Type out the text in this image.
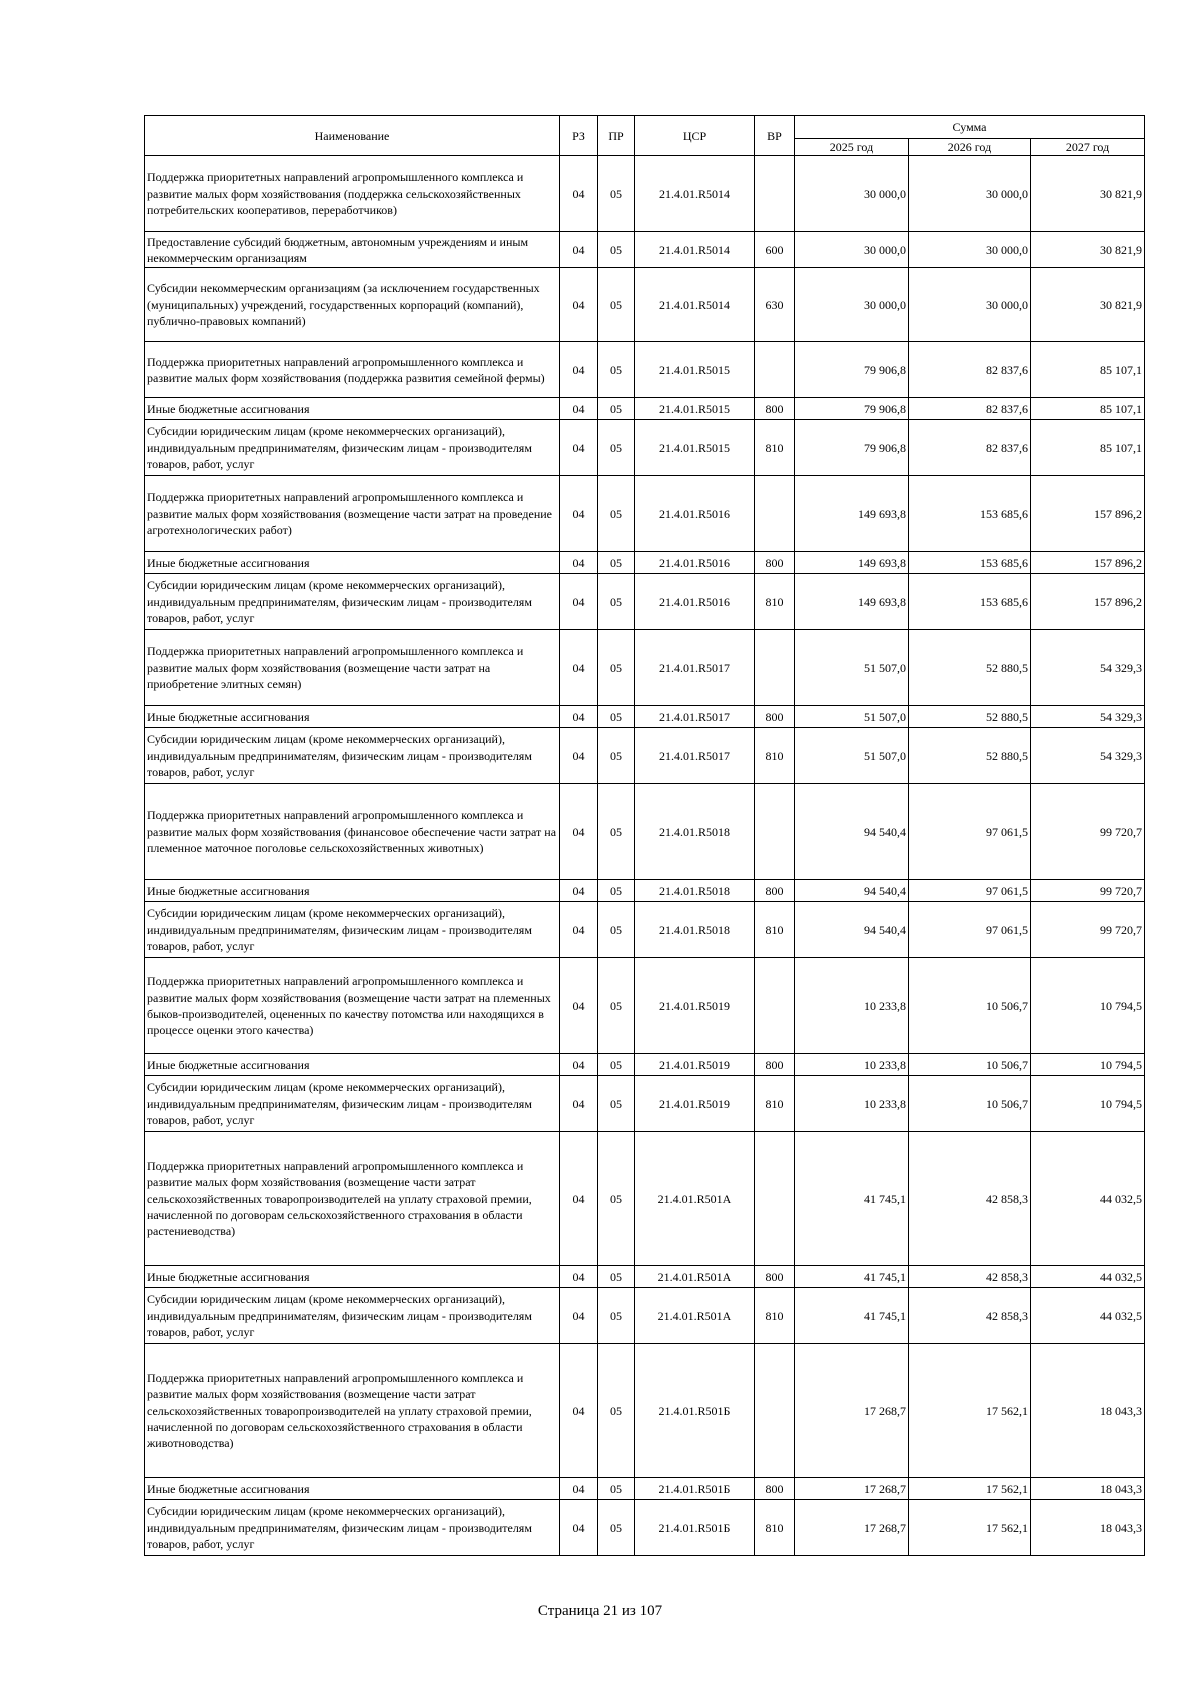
Наименование	РЗ	ПР	ЦСР	ВР	Сумма		
					2025 год	2026 год	2027 год
Поддержка приоритетных направлений агропромышленного комплекса и развитие малых форм хозяйствования (поддержка сельскохозяйственных потребительских кооперативов, переработчиков)	04	05	21.4.01.R5014		30 000,0	30 000,0	30 821,9
Предоставление субсидий бюджетным, автономным учреждениям и иным некоммерческим организациям	04	05	21.4.01.R5014	600	30 000,0	30 000,0	30 821,9
Субсидии некоммерческим организациям (за исключением государственных (муниципальных) учреждений, государственных корпораций (компаний), публично-правовых компаний)	04	05	21.4.01.R5014	630	30 000,0	30 000,0	30 821,9
Поддержка приоритетных направлений агропромышленного комплекса и развитие малых форм хозяйствования (поддержка развития семейной фермы)	04	05	21.4.01.R5015		79 906,8	82 837,6	85 107,1
Иные бюджетные ассигнования	04	05	21.4.01.R5015	800	79 906,8	82 837,6	85 107,1
Субсидии юридическим лицам (кроме некоммерческих организаций), индивидуальным предпринимателям, физическим лицам - производителям товаров, работ, услуг	04	05	21.4.01.R5015	810	79 906,8	82 837,6	85 107,1
Поддержка приоритетных направлений агропромышленного комплекса и развитие малых форм хозяйствования (возмещение части затрат на проведение агротехнологических работ)	04	05	21.4.01.R5016		149 693,8	153 685,6	157 896,2
Иные бюджетные ассигнования	04	05	21.4.01.R5016	800	149 693,8	153 685,6	157 896,2
Субсидии юридическим лицам (кроме некоммерческих организаций), индивидуальным предпринимателям, физическим лицам - производителям товаров, работ, услуг	04	05	21.4.01.R5016	810	149 693,8	153 685,6	157 896,2
Поддержка приоритетных направлений агропромышленного комплекса и развитие малых форм хозяйствования (возмещение части затрат на приобретение элитных семян)	04	05	21.4.01.R5017		51 507,0	52 880,5	54 329,3
Иные бюджетные ассигнования	04	05	21.4.01.R5017	800	51 507,0	52 880,5	54 329,3
Субсидии юридическим лицам (кроме некоммерческих организаций), индивидуальным предпринимателям, физическим лицам - производителям товаров, работ, услуг	04	05	21.4.01.R5017	810	51 507,0	52 880,5	54 329,3
Поддержка приоритетных направлений агропромышленного комплекса и развитие малых форм хозяйствования (финансовое обеспечение части затрат на племенное маточное поголовье сельскохозяйственных животных)	04	05	21.4.01.R5018		94 540,4	97 061,5	99 720,7
Иные бюджетные ассигнования	04	05	21.4.01.R5018	800	94 540,4	97 061,5	99 720,7
Субсидии юридическим лицам (кроме некоммерческих организаций), индивидуальным предпринимателям, физическим лицам - производителям товаров, работ, услуг	04	05	21.4.01.R5018	810	94 540,4	97 061,5	99 720,7
Поддержка приоритетных направлений агропромышленного комплекса и развитие малых форм хозяйствования (возмещение части затрат на племенных быков-производителей, оцененных по качеству потомства или находящихся в процессе оценки этого качества)	04	05	21.4.01.R5019		10 233,8	10 506,7	10 794,5
Иные бюджетные ассигнования	04	05	21.4.01.R5019	800	10 233,8	10 506,7	10 794,5
Субсидии юридическим лицам (кроме некоммерческих организаций), индивидуальным предпринимателям, физическим лицам - производителям товаров, работ, услуг	04	05	21.4.01.R5019	810	10 233,8	10 506,7	10 794,5
Поддержка приоритетных направлений агропромышленного комплекса и развитие малых форм хозяйствования (возмещение части затрат сельскохозяйственных товаропроизводителей на уплату страховой премии, начисленной по договорам сельскохозяйственного страхования в области растениеводства)	04	05	21.4.01.R501А		41 745,1	42 858,3	44 032,5
Иные бюджетные ассигнования	04	05	21.4.01.R501А	800	41 745,1	42 858,3	44 032,5
Субсидии юридическим лицам (кроме некоммерческих организаций), индивидуальным предпринимателям, физическим лицам - производителям товаров, работ, услуг	04	05	21.4.01.R501А	810	41 745,1	42 858,3	44 032,5
Поддержка приоритетных направлений агропромышленного комплекса и развитие малых форм хозяйствования (возмещение части затрат сельскохозяйственных товаропроизводителей на уплату страховой премии, начисленной по договорам сельскохозяйственного страхования в области животноводства)	04	05	21.4.01.R501Б		17 268,7	17 562,1	18 043,3
Иные бюджетные ассигнования	04	05	21.4.01.R501Б	800	17 268,7	17 562,1	18 043,3
Субсидии юридическим лицам (кроме некоммерческих организаций), индивидуальным предпринимателям, физическим лицам - производителям товаров, работ, услуг	04	05	21.4.01.R501Б	810	17 268,7	17 562,1	18 043,3
Страница 21 из 107
